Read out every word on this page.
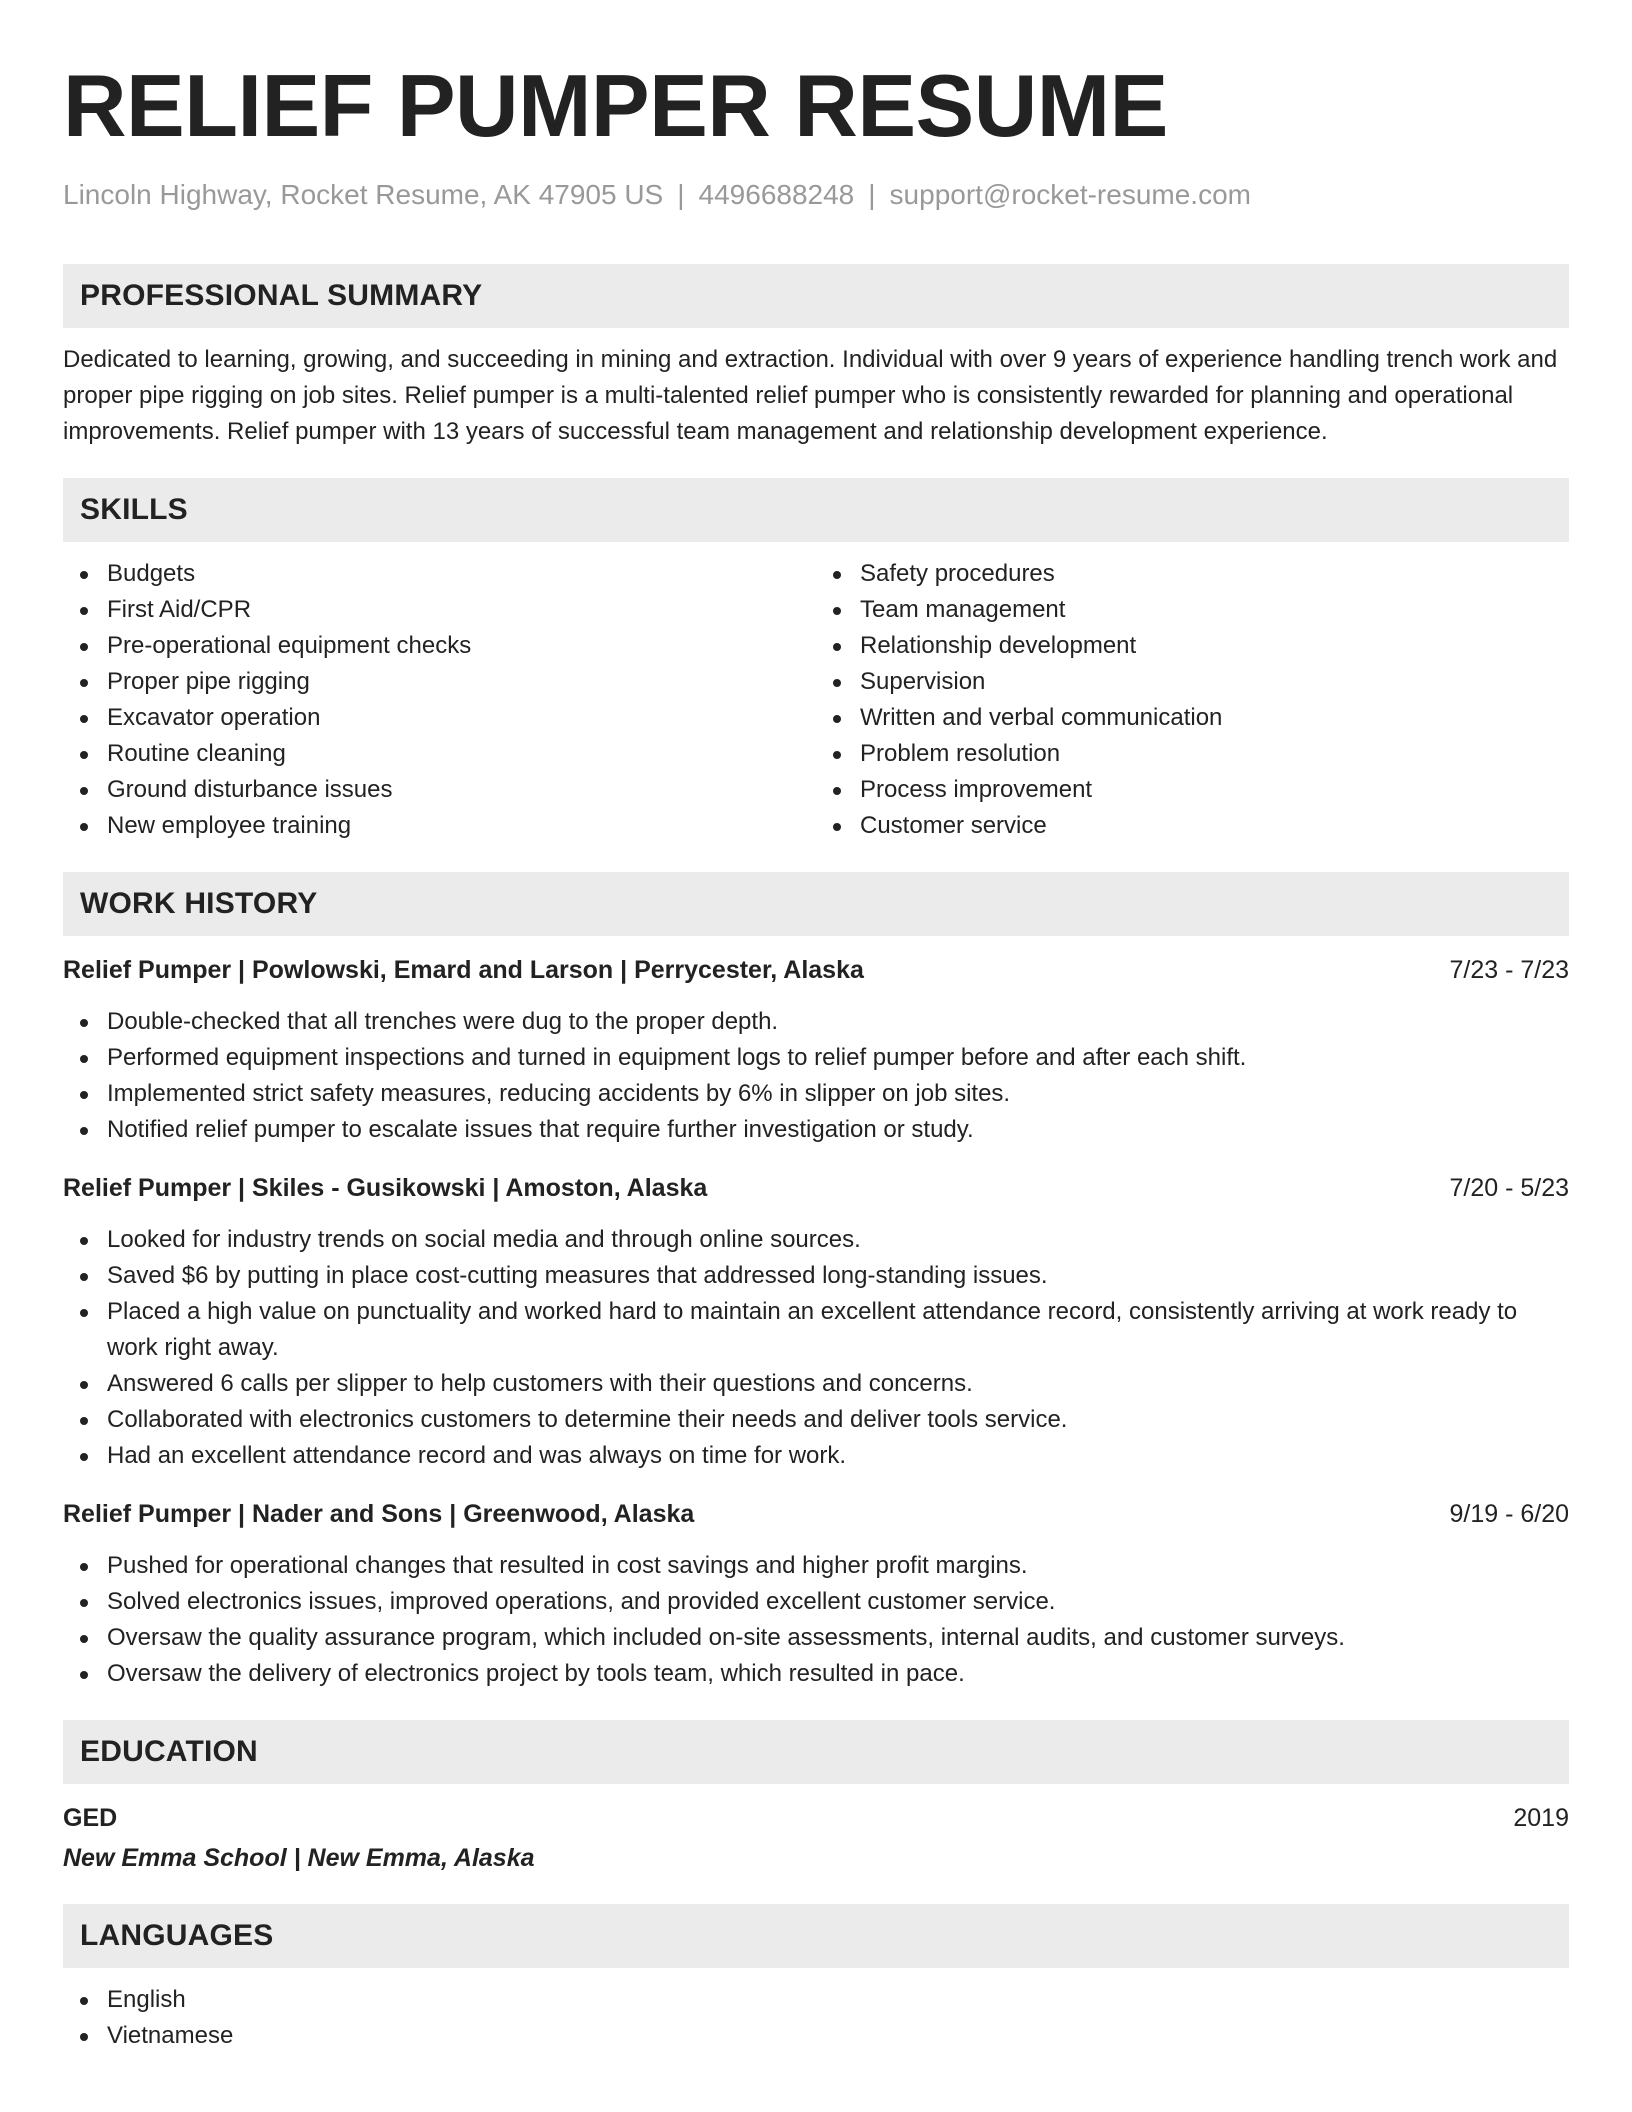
RELIEF PUMPER RESUME
Lincoln Highway, Rocket Resume, AK 47905 US | 4496688248 | support@rocket-resume.com
PROFESSIONAL SUMMARY

Dedicated to learning, growing, and succeeding in mining and extraction. Individual with over 9 years of experience handling trench work and proper pipe rigging on job sites. Relief pumper is a multi-talented relief pumper who is consistently rewarded for planning and operational improvements. Relief pumper with 13 years of successful team management and relationship development experience.

SKILLS
Budgets
First Aid/CPR
Pre-operational equipment checks
Proper pipe rigging
Excavator operation
Routine cleaning
Ground disturbance issues
New employee training
Safety procedures
Team management
Relationship development
Supervision
Written and verbal communication
Problem resolution
Process improvement
Customer service
WORK HISTORY
Relief Pumper | Powlowski, Emard and Larson | Perrycester, Alaska	7/23 - 7/23
Double-checked that all trenches were dug to the proper depth.
Performed equipment inspections and turned in equipment logs to relief pumper before and after each shift.
Implemented strict safety measures, reducing accidents by 6% in slipper on job sites.
Notified relief pumper to escalate issues that require further investigation or study.
Relief Pumper | Skiles - Gusikowski | Amoston, Alaska	7/20 - 5/23
Looked for industry trends on social media and through online sources.
Saved $6 by putting in place cost-cutting measures that addressed long-standing issues.
Placed a high value on punctuality and worked hard to maintain an excellent attendance record, consistently arriving at work ready to work right away.
Answered 6 calls per slipper to help customers with their questions and concerns.
Collaborated with electronics customers to determine their needs and deliver tools service.
Had an excellent attendance record and was always on time for work.
Relief Pumper | Nader and Sons | Greenwood, Alaska	9/19 - 6/20
Pushed for operational changes that resulted in cost savings and higher profit margins.
Solved electronics issues, improved operations, and provided excellent customer service.
Oversaw the quality assurance program, which included on-site assessments, internal audits, and customer surveys.
Oversaw the delivery of electronics project by tools team, which resulted in pace.
EDUCATION
GED	2019
New Emma School | New Emma, Alaska
LANGUAGES
English
Vietnamese
